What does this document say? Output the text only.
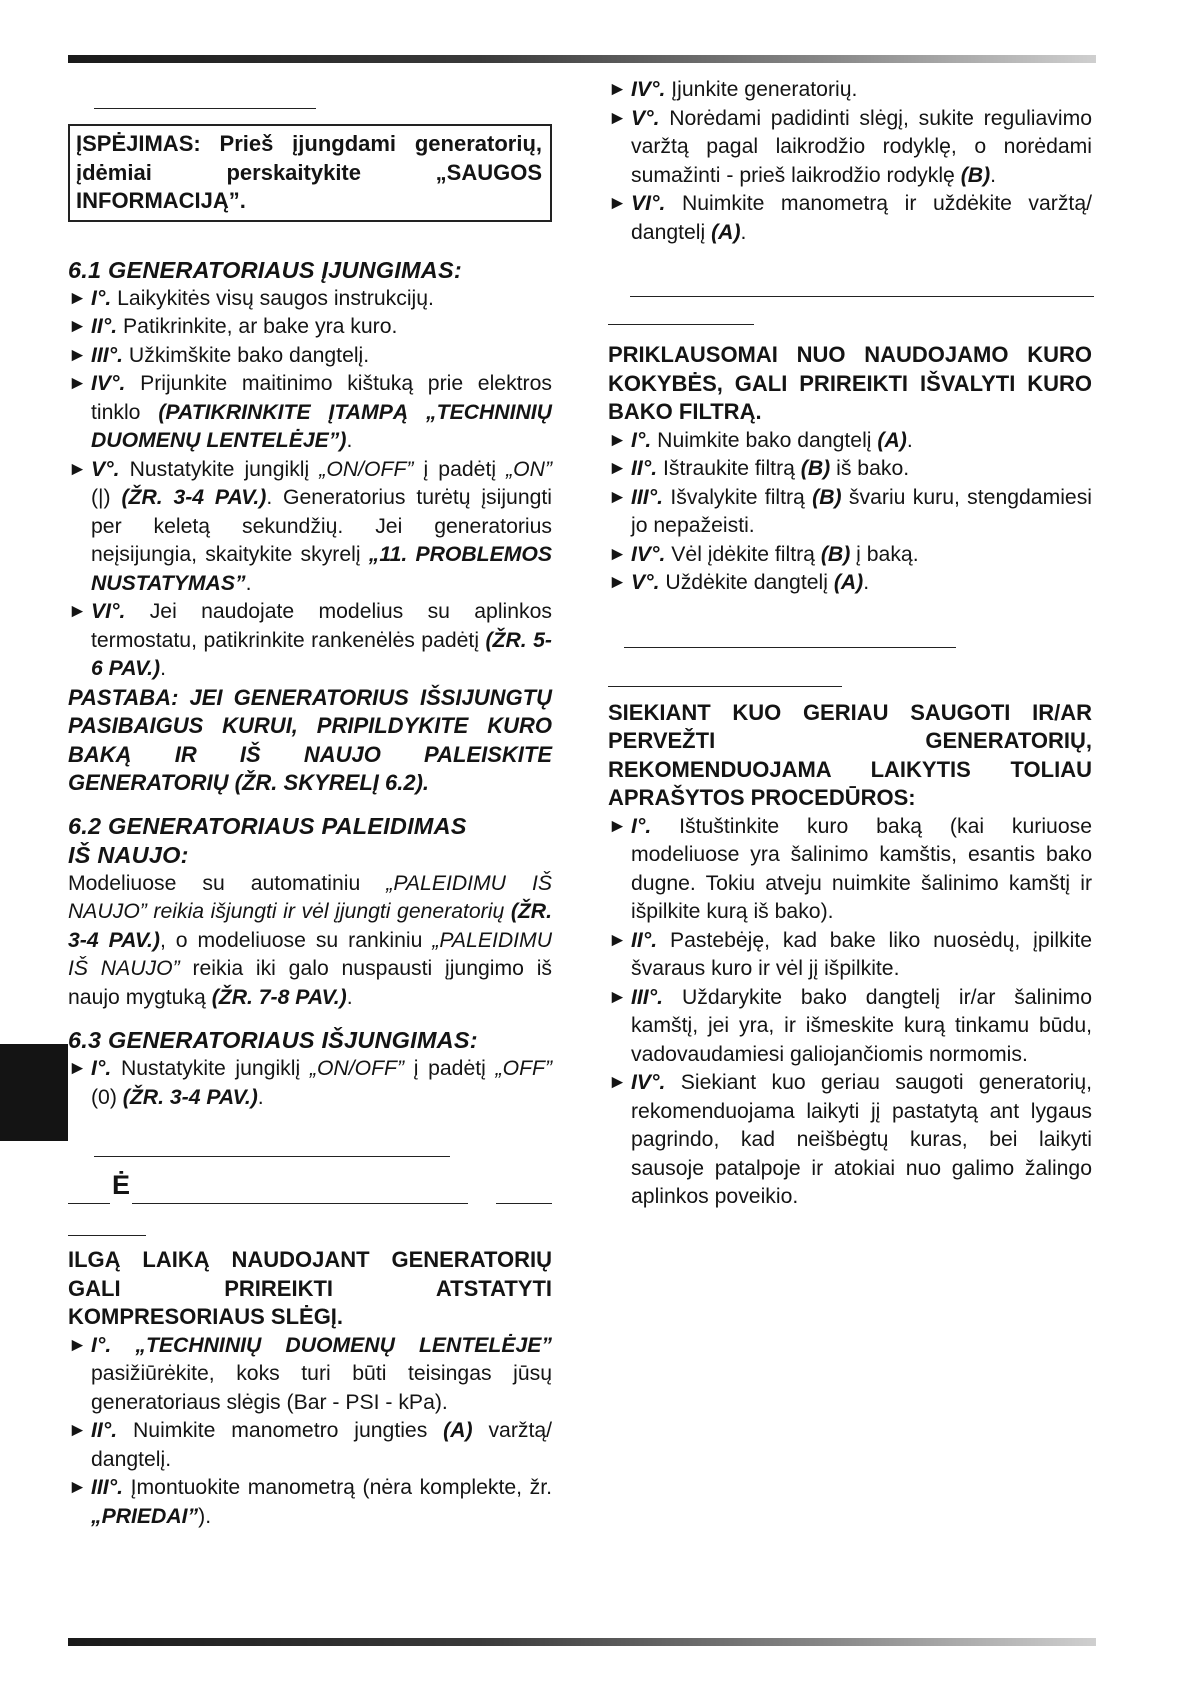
ĮSPĖJIMAS: Prieš įjungdami generatorių, įdėmiai perskaitykite „SAUGOS INFORMACIJĄ”.
6.1 GENERATORIAUS ĮJUNGIMAS:
► I°. Laikykitės visų saugos instrukcijų.
► II°. Patikrinkite, ar bake yra kuro.
► III°. Užkimškite bako dangtelį.
► IV°. Prijunkite maitinimo kištuką prie elektros tinklo (PATIKRINKITE ĮTAMPĄ „TECHNINIŲ DUOMENŲ LENTELĖJE”).
► V°. Nustatykite jungiklį „ON/OFF” į padėtį „ON” (|) (ŽR. 3-4 PAV.). Generatorius turėtų įsijungti per keletą sekundžių. Jei generatorius neįsijungia, skaitykite skyrelį „11. PROBLEMOS NUSTATYMAS”.
► VI°. Jei naudojate modelius su aplinkos termostatu, patikrinkite rankenėlės padėtį (ŽR. 5-6 PAV.).

PASTABA: JEI GENERATORIUS IŠSIJUNGTŲ PASIBAIGUS KURUI, PRIPILDYKITE KURO BAKĄ IR IŠ NAUJO PALEISKITE GENERATORIŲ (ŽR. SKYRELĮ 6.2).

6.2 GENERATORIAUS PALEIDIMAS
IŠ NAUJO:

Modeliuose su automatiniu „PALEIDIMU IŠ NAUJO” reikia išjungti ir vėl įjungti generatorių (ŽR. 3-4 PAV.), o modeliuose su rankiniu „PALEIDIMU IŠ NAUJO” reikia iki galo nuspausti įjungimo iš naujo mygtuką (ŽR. 7-8 PAV.).

6.3 GENERATORIAUS IŠJUNGIMAS:
► I°. Nustatykite jungiklį „ON/OFF” į padėtį „OFF” (0) (ŽR. 3-4 PAV.).
Ė

ILGĄ LAIKĄ NAUDOJANT GENERATORIŲ GALI PRIREIKTI ATSTATYTI KOMPRESORIAUS SLĖGĮ.

► I°. „TECHNINIŲ DUOMENŲ LENTELĖJE” pasižiūrėkite, koks turi būti teisingas jūsų generatoriaus slėgis (Bar - PSI - kPa).
► II°. Nuimkite manometro jungties (A) varžtą/ dangtelį.
► III°. Įmontuokite manometrą (nėra komplekte, žr. „PRIEDAI”).
► IV°. Įjunkite generatorių.
► V°. Norėdami padidinti slėgį, sukite reguliavimo varžtą pagal laikrodžio rodyklę, o norėdami sumažinti - prieš laikrodžio rodyklę (B).
► VI°. Nuimkite manometrą ir uždėkite varžtą/ dangtelį (A).

PRIKLAUSOMAI NUO NAUDOJAMO KURO KOKYBĖS, GALI PRIREIKTI IŠVALYTI KURO BAKO FILTRĄ.

► I°. Nuimkite bako dangtelį (A).
► II°. Ištraukite filtrą (B) iš bako.
► III°. Išvalykite filtrą (B) švariu kuru, stengdamiesi jo nepažeisti.
► IV°. Vėl įdėkite filtrą (B) į baką.
► V°. Uždėkite dangtelį (A).

SIEKIANT KUO GERIAU SAUGOTI IR/AR PERVEŽTI GENERATORIŲ, REKOMENDUOJAMA LAIKYTIS TOLIAU APRAŠYTOS PROCEDŪROS:

► I°. Ištuštinkite kuro baką (kai kuriuose modeliuose yra šalinimo kamštis, esantis bako dugne. Tokiu atveju nuimkite šalinimo kamštį ir išpilkite kurą iš bako).
► II°. Pastebėję, kad bake liko nuosėdų, įpilkite švaraus kuro ir vėl jį išpilkite.
► III°. Uždarykite bako dangtelį ir/ar šalinimo kamštį, jei yra, ir išmeskite kurą tinkamu būdu, vadovaudamiesi galiojančiomis normomis.
► IV°. Siekiant kuo geriau saugoti generatorių, rekomenduojama laikyti jį pastatytą ant lygaus pagrindo, kad neišbėgtų kuras, bei laikyti sausoje patalpoje ir atokiai nuo galimo žalingo aplinkos poveikio.
